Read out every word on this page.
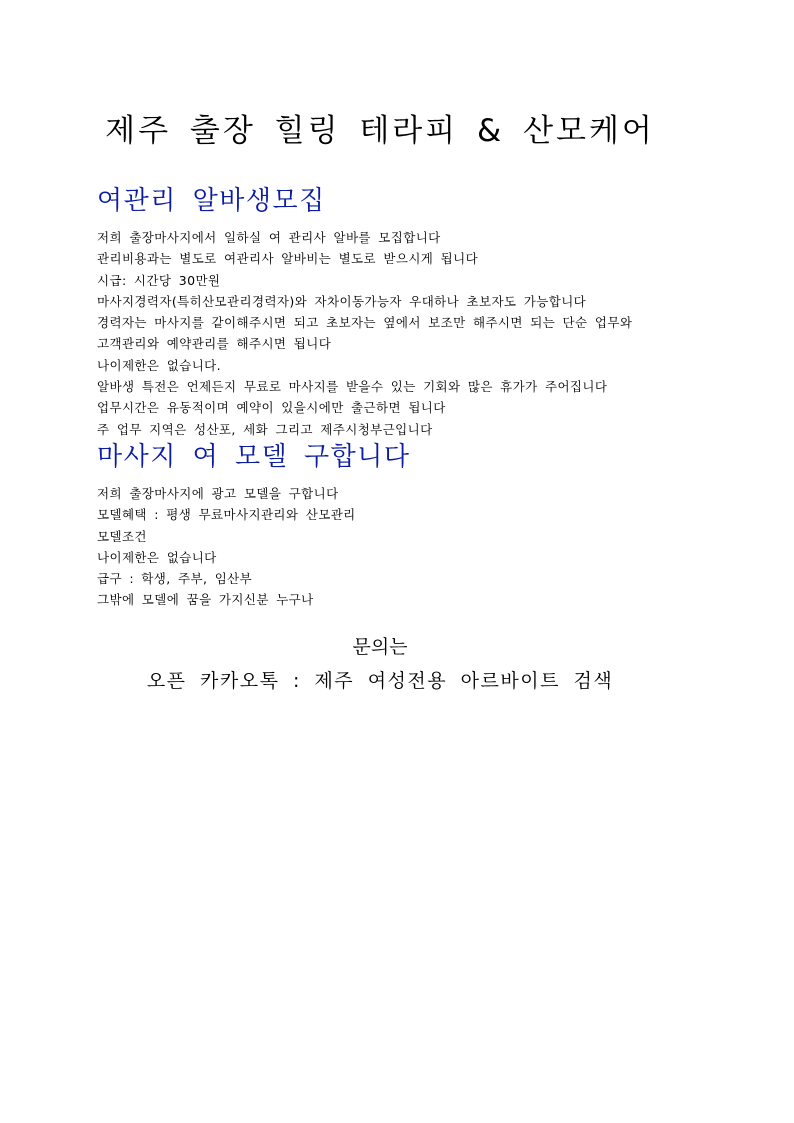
제주 출장 힐링 테라피 & 산모케어
여관리 알바생모집
저희 출장마사지에서 일하실 여 관리사 알바를 모집합니다
관리비용과는 별도로 여관리사 알바비는 별도로 받으시게 됩니다
시급: 시간당 30만원
마사지경력자(특히산모관리경력자)와 자차이동가능자 우대하나 초보자도 가능합니다
경력자는 마사지를 같이해주시면 되고 초보자는 옆에서 보조만 해주시면 되는 단순 업무와
고객관리와 예약관리를 해주시면 됩니다
나이제한은 없습니다.
알바생 특전은 언제든지 무료로 마사지를 받을수 있는 기회와 많은 휴가가 주어집니다
업무시간은 유동적이며 예약이 있을시에만 출근하면 됩니다
주 업무 지역은 성산포, 세화 그리고 제주시청부근입니다
마사지 여 모델 구합니다
저희 출장마사지에 광고 모델을 구합니다
모델혜택 : 평생 무료마사지관리와 산모관리
모델조건
나이제한은 없습니다
급구 : 학생, 주부, 임산부
그밖에 모델에 꿈을 가지신분 누구나
문의는
오픈 카카오톡 : 제주 여성전용 아르바이트 검색
